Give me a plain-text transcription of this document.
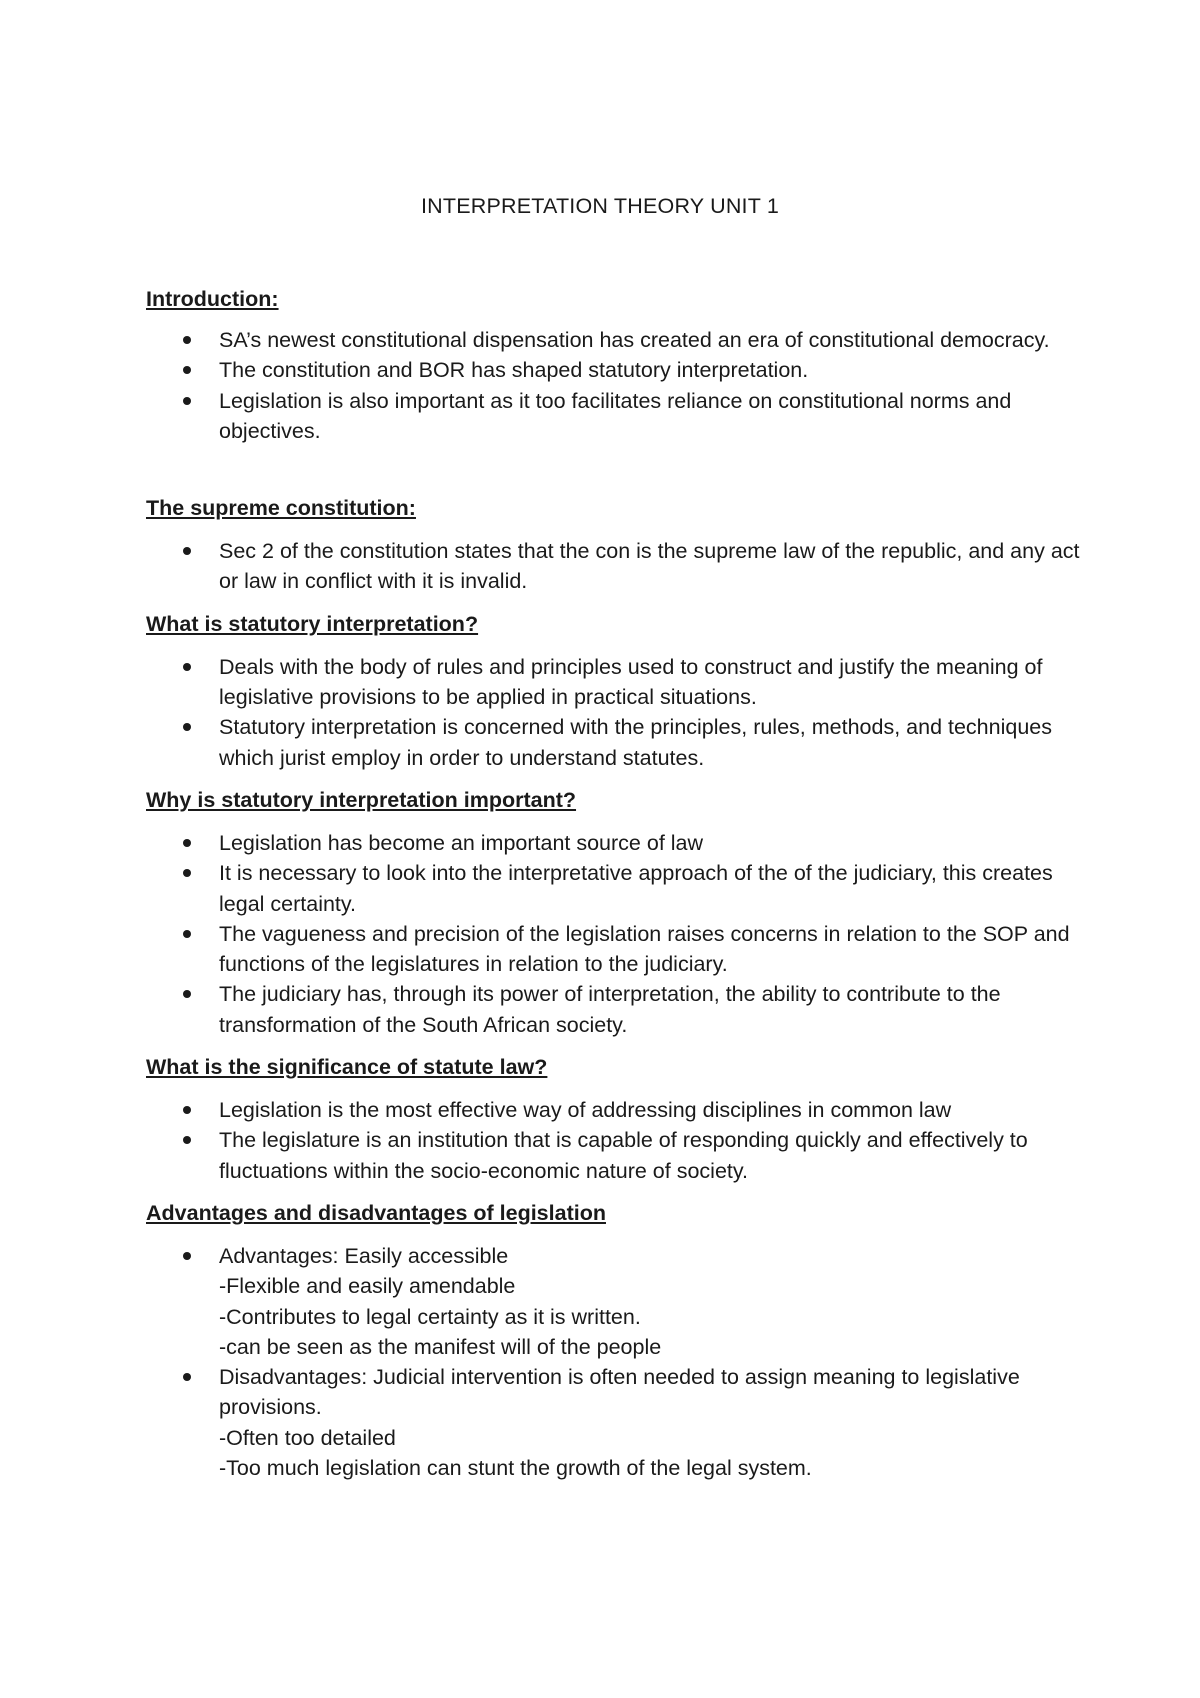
INTERPRETATION THEORY UNIT 1
Introduction:
SA’s newest constitutional dispensation has created an era of constitutional democracy.
The constitution and BOR has shaped statutory interpretation.
Legislation is also important as it too facilitates reliance on constitutional norms and objectives.
The supreme constitution:
Sec 2 of the constitution states that the con is the supreme law of the republic, and any act or law in conflict with it is invalid.
What is statutory interpretation?
Deals with the body of rules and principles used to construct and justify the meaning of legislative provisions to be applied in practical situations.
Statutory interpretation is concerned with the principles, rules, methods, and techniques which jurist employ in order to understand statutes.
Why is statutory interpretation important?
Legislation has become an important source of law
It is necessary to look into the interpretative approach of the of the judiciary, this creates legal certainty.
The vagueness and precision of the legislation raises concerns in relation to the SOP and functions of the legislatures in relation to the judiciary.
The judiciary has, through its power of interpretation, the ability to contribute to the transformation of the South African society.
What is the significance of statute law?
Legislation is the most effective way of addressing disciplines in common law
The legislature is an institution that is capable of responding quickly and effectively to fluctuations within the socio-economic nature of society.
Advantages and disadvantages of legislation
Advantages: Easily accessible
-Flexible and easily amendable
-Contributes to legal certainty as it is written.
-can be seen as the manifest will of the people
Disadvantages: Judicial intervention is often needed to assign meaning to legislative provisions.
-Often too detailed
-Too much legislation can stunt the growth of the legal system.
